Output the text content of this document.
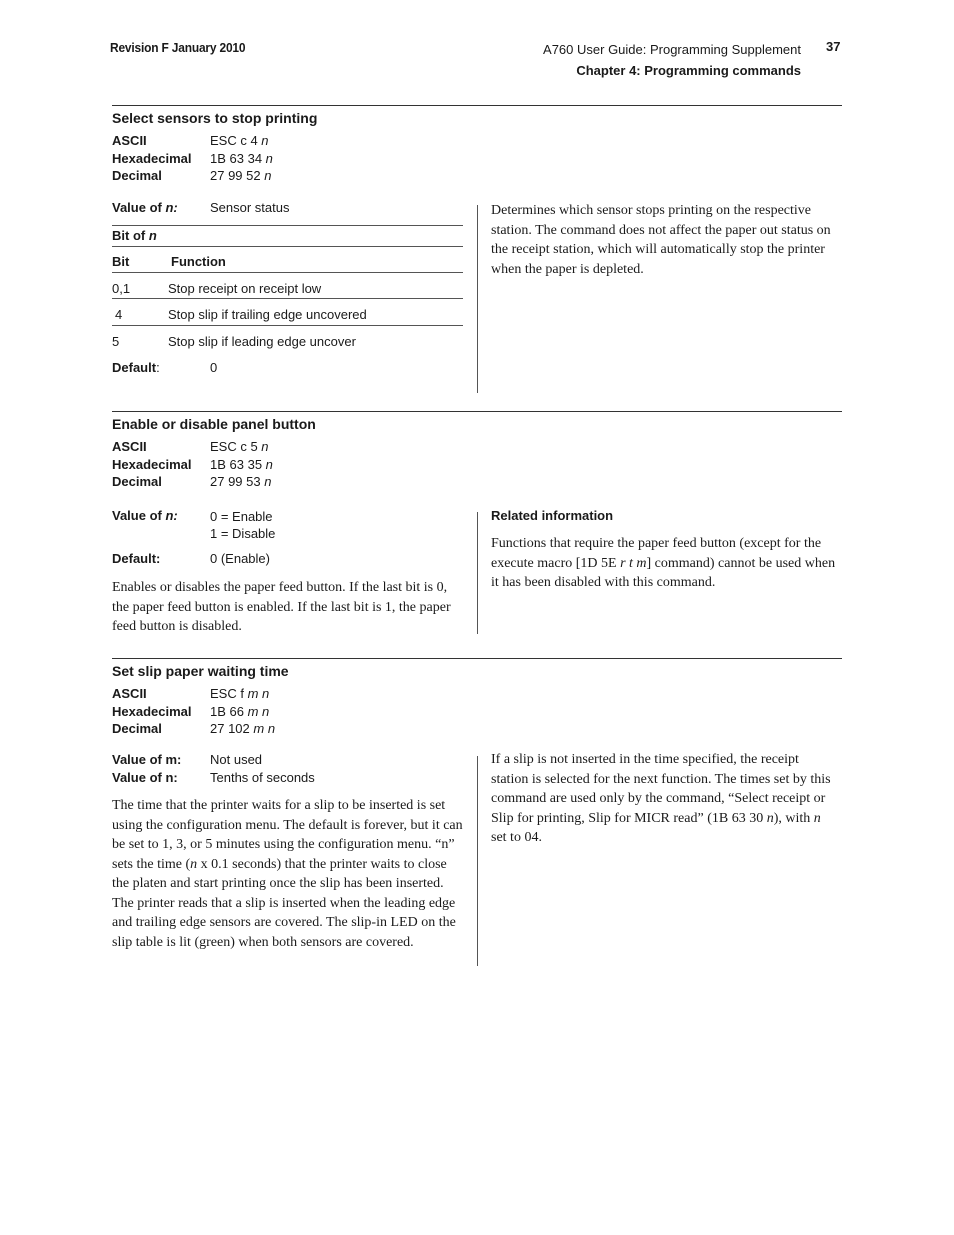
Revision F January 2010	A760 User Guide: Programming Supplement
Chapter 4: Programming commands
37
Select sensors to stop printing
ASCII	ESC c 4 n
Hexadecimal	1B 63 34 n
Decimal	27 99 52 n
Value of n:	Sensor status
Bit of n
Bit	Function
0,1	Stop receipt on receipt low
4	Stop slip if trailing edge uncovered
5	Stop slip if leading edge uncover
Default:	0
Determines which sensor stops printing on the respective station. The command does not affect the paper out status on the receipt station, which will automatically stop the printer when the paper is depleted.
Enable or disable panel button
ASCII	ESC c 5 n
Hexadecimal	1B 63 35 n
Decimal	27 99 53 n
Value of n:	0 = Enable
1 = Disable
Default:	0 (Enable)
Enables or disables the paper feed button. If the last bit is 0, the paper feed button is enabled. If the last bit is 1, the paper feed button is disabled.
Related information
Functions that require the paper feed button (except for the execute macro [1D 5E r t m] command) cannot be used when it has been disabled with this command.
Set slip paper waiting time
ASCII	ESC f m n
Hexadecimal	1B 66 m n
Decimal	27 102 m n
Value of m:	Not used
Value of n:	Tenths of seconds
The time that the printer waits for a slip to be inserted is set using the configuration menu. The default is forever, but it can be set to 1, 3, or 5 minutes using the configuration menu. “n” sets the time (n x 0.1 seconds) that the printer waits to close the platen and start printing once the slip has been inserted. The printer reads that a slip is inserted when the leading edge and trailing edge sensors are covered. The slip-in LED on the slip table is lit (green) when both sensors are covered.
If a slip is not inserted in the time specified, the receipt station is selected for the next function. The times set by this command are used only by the command, “Select receipt or Slip for printing, Slip for MICR read” (1B 63 30 n), with n set to 04.
